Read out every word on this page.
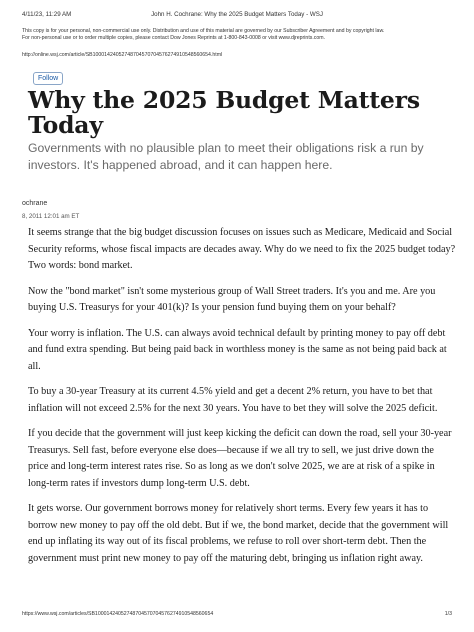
4/11/23, 11:29 AM	John H. Cochrane: Why the 2025 Budget Matters Today - WSJ
This copy is for your personal, non-commercial use only. Distribution and use of this material are governed by our Subscriber Agreement and by copyright law.
For non-personal use or to order multiple copies, please contact Dow Jones Reprints at 1-800-843-0008 or visit www.djreprints.com.
http://online.wsj.com/article/SB10001424052748704570704576274910548560654.html
Follow
Why the 2025 Budget Matters Today

Governments with no plausible plan to meet their obligations risk a run by investors. It's happened abroad, and it can happen here.

ochrane
8, 2011 12:01 am ET

It seems strange that the big budget discussion focuses on issues such as Medicare, Medicaid and Social Security reforms, whose fiscal impacts are decades away. Why do we need to fix the 2025 budget today? Two words: bond market.

Now the "bond market" isn't some mysterious group of Wall Street traders. It's you and me. Are you buying U.S. Treasurys for your 401(k)? Is your pension fund buying them on your behalf?

Your worry is inflation. The U.S. can always avoid technical default by printing money to pay off debt and fund extra spending. But being paid back in worthless money is the same as not being paid back at all.

To buy a 30-year Treasury at its current 4.5% yield and get a decent 2% return, you have to bet that inflation will not exceed 2.5% for the next 30 years. You have to bet they will solve the 2025 deficit.

If you decide that the government will just keep kicking the deficit can down the road, sell your 30-year Treasurys. Sell fast, before everyone else does—because if we all try to sell, we just drive down the price and long-term interest rates rise. So as long as we don't solve 2025, we are at risk of a spike in long-term rates if investors dump long-term U.S. debt.

It gets worse. Our government borrows money for relatively short terms. Every few years it has to borrow new money to pay off the old debt. But if we, the bond market, decide that the government will end up inflating its way out of its fiscal problems, we refuse to roll over short-term debt. Then the government must print new money to pay off the maturing debt, bringing us inflation right away.

https://www.wsj.com/articles/SB10001424052748704570704576274910548560654	1/3
